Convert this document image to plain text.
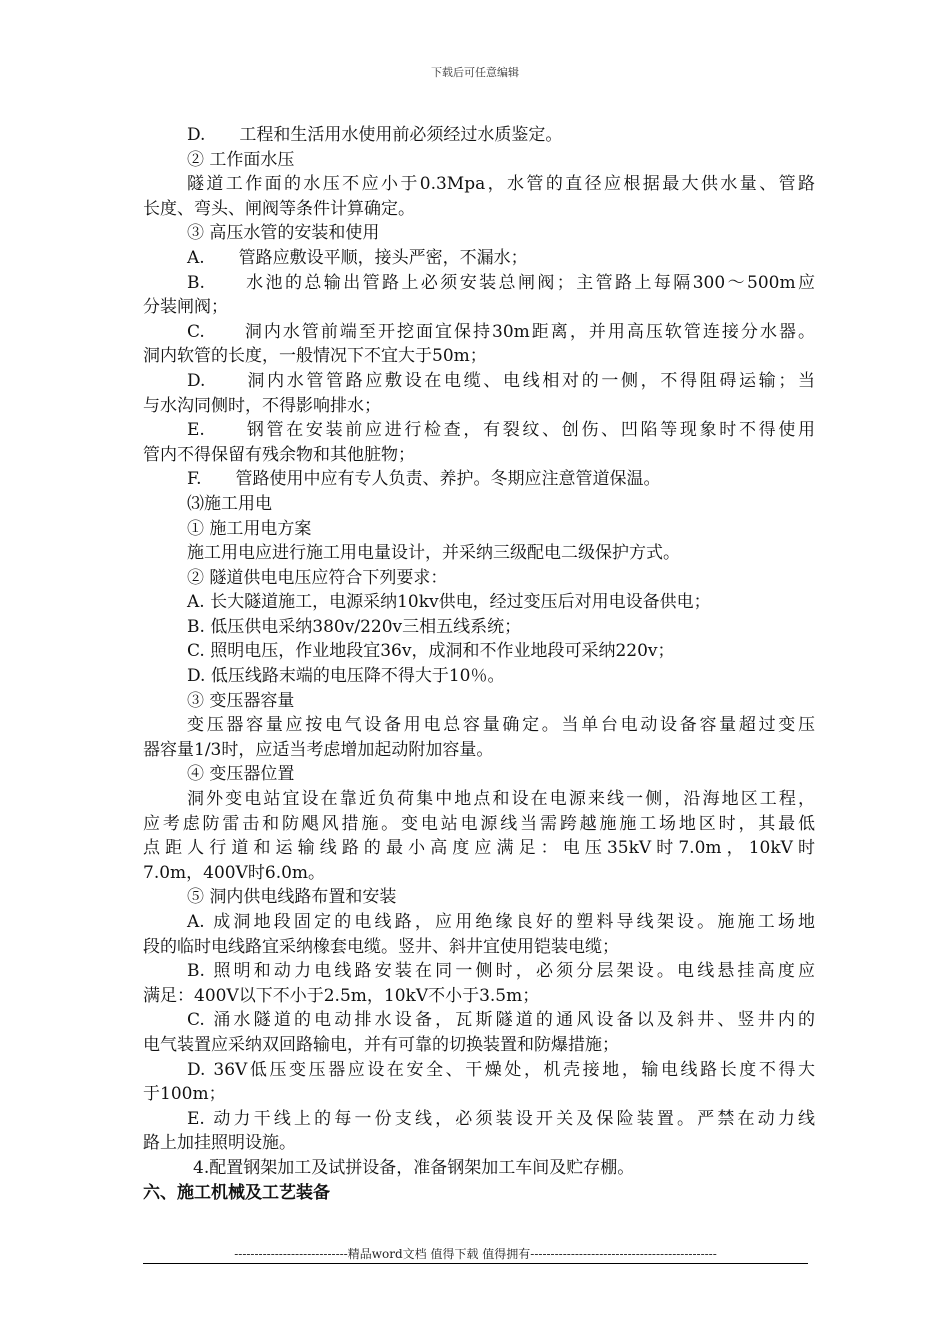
下载后可任意编辑
D.　　工程和生活用水使用前必须经过水质鉴定。
② 工作面水压
隧道工作面的水压不应小于0.3Mpa，水管的直径应根据最大供水量、管路
长度、弯头、闸阀等条件计算确定。
③ 高压水管的安装和使用
A.　　管路应敷设平顺，接头严密，不漏水；
B.　　水池的总输出管路上必须安装总闸阀；主管路上每隔300～500m应
分装闸阀；
C.　　洞内水管前端至开挖面宜保持30m距离，并用高压软管连接分水器。
洞内软管的长度，一般情况下不宜大于50m；
D.　　洞内水管管路应敷设在电缆、电线相对的一侧，不得阻碍运输；当
与水沟同侧时，不得影响排水；
E.　　钢管在安装前应进行检查，有裂纹、创伤、凹陷等现象时不得使用
管内不得保留有残余物和其他脏物；
F.　　管路使用中应有专人负责、养护。冬期应注意管道保温。
⑶施工用电
① 施工用电方案
施工用电应进行施工用电量设计，并采纳三级配电二级保护方式。
② 隧道供电电压应符合下列要求：
A. 长大隧道施工，电源采纳10kv供电，经过变压后对用电设备供电；
B. 低压供电采纳380v/220v三相五线系统；
C. 照明电压，作业地段宜36v，成洞和不作业地段可采纳220v；
D. 低压线路末端的电压降不得大于10％。
③ 变压器容量
变压器容量应按电气设备用电总容量确定。当单台电动设备容量超过变压
器容量1/3时，应适当考虑增加起动附加容量。
④ 变压器位置
洞外变电站宜设在靠近负荷集中地点和设在电源来线一侧，沿海地区工程，
应考虑防雷击和防飓风措施。变电站电源线当需跨越施施工场地区时，其最低
点距人行道和运输线路的最小高度应满足：电压35kV时7.0m，10kV时
7.0m，400V时6.0m。
⑤ 洞内供电线路布置和安装
A. 成洞地段固定的电线路，应用绝缘良好的塑料导线架设。施施工场地
段的临时电线路宜采纳橡套电缆。竖井、斜井宜使用铠装电缆；
B. 照明和动力电线路安装在同一侧时，必须分层架设。电线悬挂高度应
满足：400V以下不小于2.5m，10kV不小于3.5m；
C. 涌水隧道的电动排水设备，瓦斯隧道的通风设备以及斜井、竖井内的
电气装置应采纳双回路输电，并有可靠的切换装置和防爆措施；
D. 36V低压变压器应设在安全、干燥处，机壳接地，输电线路长度不得大
于100m；
E. 动力干线上的每一份支线，必须装设开关及保险装置。严禁在动力线
路上加挂照明设施。
4.配置钢架加工及试拼设备，准备钢架加工车间及贮存棚。
六、施工机械及工艺装备
----------------------------精品word文档 值得下载 值得拥有----------------------------------------------
